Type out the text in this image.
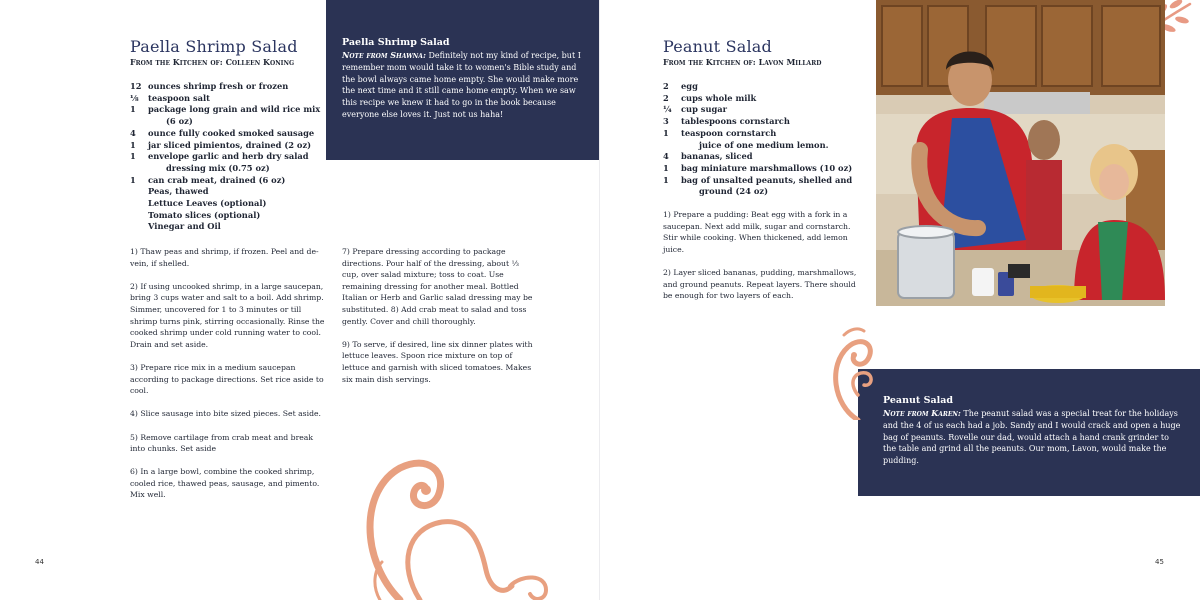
Paella Shrimp Salad
From the Kitchen of: Colleen Koning
12 ounces shrimp fresh or frozen
⅛	teaspoon salt
1	package long grain and wild rice mix
(6 oz)
4	ounce fully cooked smoked sausage
1	jar sliced pimientos, drained (2 oz)
1	envelope garlic and herb dry salad
dressing mix (0.75 oz)
1	can crab meat, drained (6 oz)
Peas, thawed
Lettuce Leaves (optional)
Tomato slices (optional)
Vinegar and Oil

1) Thaw peas and shrimp, if frozen. Peel and de-vein, if shelled.

2) If using uncooked shrimp, in a large saucepan, bring 3 cups water and salt to a boil. Add shrimp. Simmer, uncovered for 1 to 3 minutes or till shrimp turns pink, stirring occasionally. Rinse the cooked shrimp under cold running water to cool. Drain and set aside.

3) Prepare rice mix in a medium saucepan according to package directions. Set rice aside to cool.

4) Slice sausage into bite sized pieces. Set aside.

5) Remove cartilage from crab meat and break into chunks. Set aside

6) In a large bowl, combine the cooked shrimp, cooled rice, thawed peas, sausage, and pimento. Mix well.

7) Prepare dressing according to package directions. Pour half of the dressing, about ⅓ cup, over salad mixture; toss to coat. Use remaining dressing for another meal. Bottled Italian or Herb and Garlic salad dressing may be substituted. 8) Add crab meat to salad and toss gently. Cover and chill thoroughly.

9) To serve, if desired, line six dinner plates with lettuce leaves. Spoon rice mixture on top of lettuce and garnish with sliced tomatoes. Makes six main dish servings.

Paella Shrimp Salad
Note from Shawna: Definitely not my kind of recipe, but I remember mom would take it to women's Bible study and the bowl always came home empty. She would make more the next time and it still came home empty. When we saw this recipe we knew it had to go in the book because everyone else loves it. Just not us haha!
44
Peanut Salad
From the Kitchen of: Lavon Millard
2	egg
2	cups whole milk
¼	cup sugar
3	tablespoons cornstarch
1	teaspoon cornstarch
juice of one medium lemon.
4	bananas, sliced
1	bag miniature marshmallows (10 oz)
1	bag of unsalted peanuts, shelled and
ground (24 oz)

1) Prepare a pudding: Beat egg with a fork in a saucepan. Next add milk, sugar and cornstarch. Stir while cooking. When thickened, add lemon juice.

2) Layer sliced bananas, pudding, marshmallows, and ground peanuts. Repeat layers. There should be enough for two layers of each.

Peanut Salad
Note from Karen: The peanut salad was a special treat for the holidays and the 4 of us each had a job. Sandy and I would crack and open a huge bag of peanuts. Rovelle our dad, would attach a hand crank grinder to the table and grind all the peanuts. Our mom, Lavon, would make the pudding.
45
